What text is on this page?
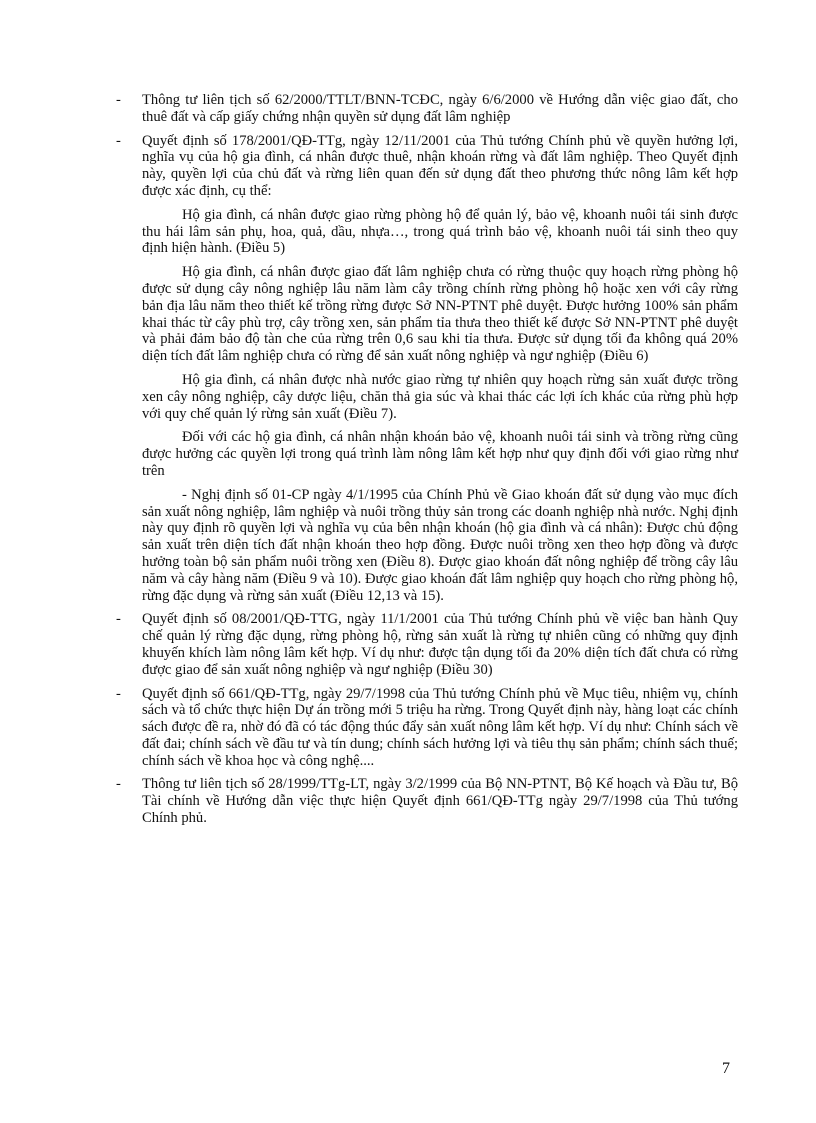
- Thông tư liên tịch số 62/2000/TTLT/BNN-TCĐC, ngày 6/6/2000 về Hướng dẫn việc giao đất, cho thuê đất và cấp giấy chứng nhận quyền sử dụng đất lâm nghiệp
- Quyết định số 178/2001/QĐ-TTg, ngày 12/11/2001 của Thủ tướng Chính phủ về quyền hưởng lợi, nghĩa vụ của hộ gia đình, cá nhân được thuê, nhận khoán rừng và đất lâm nghiệp. Theo Quyết định này, quyền lợi của chủ đất và rừng liên quan đến sử dụng đất theo phương thức nông lâm kết hợp được xác định, cụ thể:

Hộ gia đình, cá nhân được giao rừng phòng hộ để quản lý, bảo vệ, khoanh nuôi tái sinh được thu hái lâm sản phụ, hoa, quả, dầu, nhựa…, trong quá trình bảo vệ, khoanh nuôi tái sinh theo quy định hiện hành. (Điều 5)

Hộ gia đình, cá nhân được giao đất lâm nghiệp chưa có rừng thuộc quy hoạch rừng phòng hộ được sử dụng cây nông nghiệp lâu năm làm cây trồng chính rừng phòng hộ hoặc xen với cây rừng bản địa lâu năm theo thiết kế trồng rừng được Sở NN-PTNT phê duyệt. Được hưởng 100% sản phẩm khai thác từ cây phù trợ, cây trồng xen, sản phẩm tỉa thưa theo thiết kế được Sở NN-PTNT phê duyệt và phải đảm bảo độ tàn che của rừng trên 0,6 sau khi tỉa thưa. Được sử dụng tối đa không quá 20% diện tích đất lâm nghiệp chưa có rừng để sản xuất nông nghiệp và ngư nghiệp (Điều 6)

Hộ gia đình, cá nhân được nhà nước giao rừng tự nhiên quy hoạch rừng sản xuất được trồng xen cây nông nghiệp, cây dược liệu, chăn thả gia súc và khai thác các lợi ích khác của rừng phù hợp với quy chế quản lý rừng sản xuất (Điều 7).

Đối với các hộ gia đình, cá nhân nhận khoán bảo vệ, khoanh nuôi tái sinh và trồng rừng cũng được hưởng các quyền lợi trong quá trình làm nông lâm kết hợp như quy định đối với giao rừng như trên

- Nghị định số 01-CP ngày 4/1/1995 của Chính Phủ về Giao khoán đất sử dụng vào mục đích sản xuất nông nghiệp, lâm nghiệp và nuôi trồng thủy sản trong các doanh nghiệp nhà nước. Nghị định này quy định rõ quyền lợi và nghĩa vụ của bên nhận khoán (hộ gia đình và cá nhân): Được chủ động sản xuất trên diện tích đất nhận khoán theo hợp đồng. Được nuôi trồng xen theo hợp đồng và được hưởng toàn bộ sản phẩm nuôi trồng xen (Điều 8). Được giao khoán đất nông nghiệp để trồng cây lâu năm và cây hàng năm (Điều 9 và 10). Được giao khoán đất lâm nghiệp quy hoạch cho rừng phòng hộ, rừng đặc dụng và rừng sản xuất (Điều 12,13 và 15).

- Quyết định số 08/2001/QĐ-TTG, ngày 11/1/2001 của Thủ tướng Chính phủ về việc ban hành Quy chế quản lý rừng đặc dụng, rừng phòng hộ, rừng sản xuất là rừng tự nhiên cũng có những quy định khuyến khích làm nông lâm kết hợp. Ví dụ như: được tận dụng tối đa 20% diện tích đất chưa có rừng được giao để sản xuất nông nghiệp và ngư nghiệp (Điều 30)
- Quyết định số 661/QĐ-TTg, ngày 29/7/1998 của Thủ tướng Chính phủ về Mục tiêu, nhiệm vụ, chính sách và tổ chức thực hiện Dự án trồng mới 5 triệu ha rừng. Trong Quyết định này, hàng loạt các chính sách được đề ra, nhờ đó đã có tác động thúc đẩy sản xuất nông lâm kết hợp. Ví dụ như: Chính sách về đất đai; chính sách về đầu tư và tín dung; chính sách hưởng lợi và tiêu thụ sản phẩm; chính sách thuế; chính sách về khoa học và công nghệ....
- Thông tư liên tịch số 28/1999/TTg-LT, ngày 3/2/1999 của Bộ NN-PTNT, Bộ Kế hoạch và Đầu tư, Bộ Tài chính về Hướng dẫn việc thực hiện Quyết định 661/QĐ-TTg ngày 29/7/1998 của Thủ tướng Chính phủ.
7
